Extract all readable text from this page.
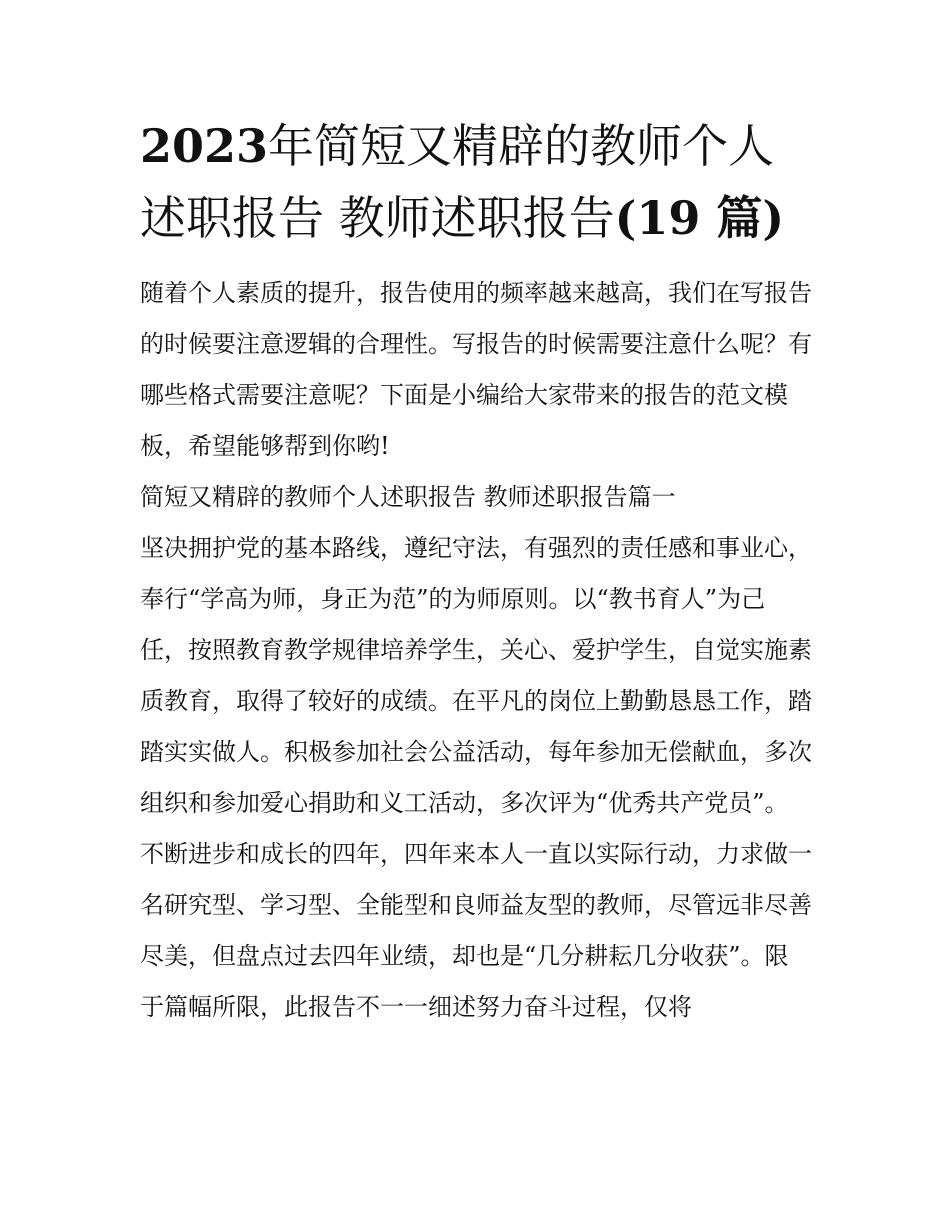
2023年简短又精辟的教师个人述职报告 教师述职报告(19 篇)

随着个人素质的提升，报告使用的频率越来越高，我们在写报告的时候要注意逻辑的合理性。写报告的时候需要注意什么呢？有哪些格式需要注意呢？下面是小编给大家带来的报告的范文模板，希望能够帮到你哟!

简短又精辟的教师个人述职报告 教师述职报告篇一

坚决拥护党的基本路线，遵纪守法，有强烈的责任感和事业心，奉行“学高为师，身正为范”的为师原则。以“教书育人”为己任，按照教育教学规律培养学生，关心、爱护学生，自觉实施素质教育，取得了较好的成绩。在平凡的岗位上勤勤恳恳工作，踏踏实实做人。积极参加社会公益活动，每年参加无偿献血，多次组织和参加爱心捐助和义工活动，多次评为“优秀共产党员”。

不断进步和成长的四年，四年来本人一直以实际行动，力求做一名研究型、学习型、全能型和良师益友型的教师，尽管远非尽善尽美，但盘点过去四年业绩，却也是“几分耕耘几分收获”。限于篇幅所限，此报告不一一细述努力奋斗过程，仅将
